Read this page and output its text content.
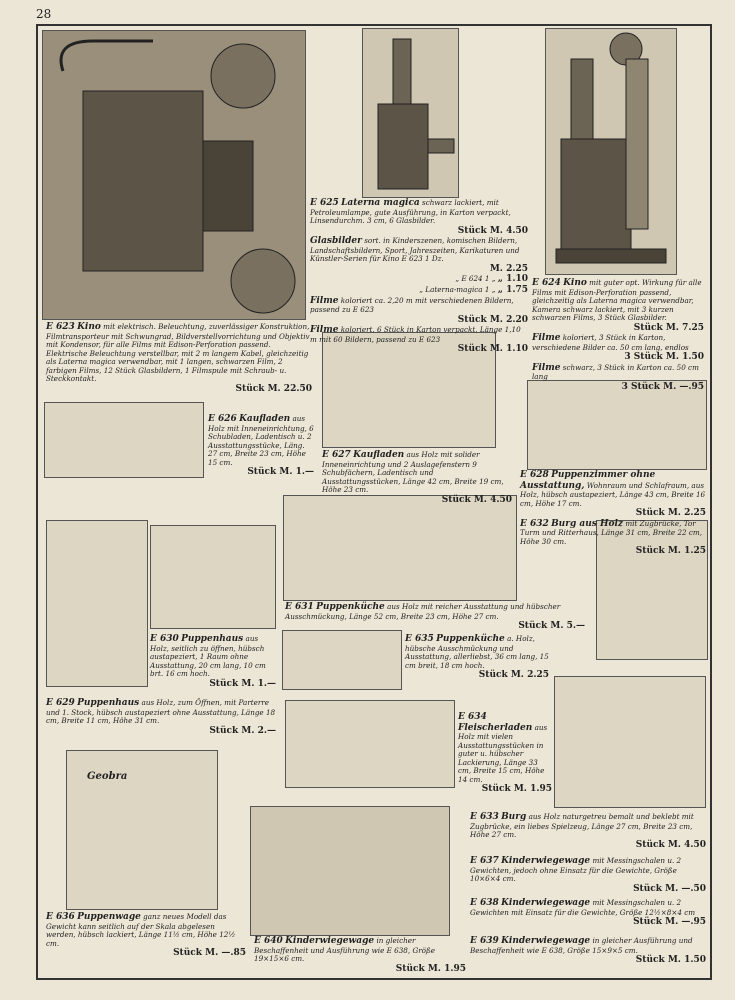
28
Geobra
E 623 Kino mit elektrisch. Beleuchtung, zuverlässiger Konstruktion, Filmtransporteur mit Schwungrad, Bildverstellvorrichtung und Objektiv mit Kondensor, für alle Films mit Edison-Perforation passend. Elektrische Beleuchtung verstellbar, mit 2 m langem Kabel, gleichzeitig als Laterna magica verwendbar, mit 1 langen, schwarzen Film, 2 farbigen Films, 12 Stück Glasbildern, 1 Filmspule mit Schraub- u. Steckkontakt.
Stück M. 22.50
E 625 Laterna magica schwarz lackiert, mit Petroleumlampe, gute Ausführung, in Karton verpackt, Linsendurchm. 3 cm, 6 Glasbilder.
Stück M. 4.50
Glasbilder sort. in Kinderszenen, komischen Bildern, Landschaftsbildern, Sport, Jahreszeiten, Karikaturen und Künstler-Serien für Kino E 623 1 Dz.
M. 2.25
„ E 624 1 „ „ 1.10
„ Laterna-magica 1 „ „ 1.75
Filme koloriert ca. 2,20 m mit verschiedenen Bildern, passend zu E 623
Stück M. 2.20
Filme koloriert, 6 Stück in Karton verpackt, Länge 1,10 m mit 60 Bildern, passend zu E 623
Stück M. 1.10
E 624 Kino mit guter opt. Wirkung für alle Films mit Edison-Perforation passend, gleichzeitig als Laterna magica verwendbar, Kamera schwarz lackiert, mit 3 kurzen schwarzen Films, 3 Stück Glasbilder.
Stück M. 7.25
Filme koloriert, 3 Stück in Karton, verschiedene Bilder ca. 50 cm lang, endlos
3 Stück M. 1.50
Filme schwarz, 3 Stück in Karton ca. 50 cm lang
3 Stück M. —.95
E 626 Kaufladen aus Holz mit Inneneinrichtung, 6 Schubladen, Ladentisch u. 2 Ausstattungsstücke, Läng. 27 cm, Breite 23 cm, Höhe 15 cm.
Stück M. 1.—
E 627 Kaufladen aus Holz mit solider Inneneinrichtung und 2 Auslagefenstern 9 Schubfächern, Ladentisch und Ausstattungsstücken, Länge 42 cm, Breite 19 cm, Höhe 23 cm.
Stück M. 4.50
E 628 Puppenzimmer ohne Ausstattung, Wohnraum und Schlafraum, aus Holz, hübsch austapeziert, Länge 43 cm, Breite 16 cm, Höhe 17 cm.
Stück M. 2.25
E 632 Burg aus Holz mit Zugbrücke, Tor Turm und Ritterhaus, Länge 31 cm, Breite 22 cm, Höhe 30 cm.
Stück M. 1.25
E 630 Puppenhaus aus Holz, seitlich zu öffnen, hübsch austapeziert, 1 Raum ohne Ausstattung, 20 cm lang, 10 cm brt. 16 cm hoch.
Stück M. 1.—
E 631 Puppenküche aus Holz mit reicher Ausstattung und hübscher Ausschmückung, Länge 52 cm, Breite 23 cm, Höhe 27 cm.
Stück M. 5.—
E 635 Puppenküche a. Holz, hübsche Ausschmückung und Ausstattung, allerliebst, 36 cm lang, 15 cm breit, 18 cm hoch.
Stück M. 2.25
E 629 Puppenhaus aus Holz, zum Öffnen, mit Parterre und 1. Stock, hübsch austapeziert ohne Ausstattung, Länge 18 cm, Breite 11 cm, Höhe 31 cm.
Stück M. 2.—
E 634 Fleischerladen aus Holz mit vielen Ausstattungsstücken in guter u. hübscher Lackierung, Länge 33 cm, Breite 15 cm, Höhe 14 cm.
Stück M. 1.95
E 633 Burg aus Holz naturgetreu bemalt und beklebt mit Zugbrücke, ein liebes Spielzeug, Länge 27 cm, Breite 23 cm, Höhe 27 cm.
Stück M. 4.50
E 637 Kinderwiegewage mit Messingschalen u. 2 Gewichten, jedoch ohne Einsatz für die Gewichte, Größe 10×6×4 cm.
Stück M. —.50
E 638 Kinderwiegewage mit Messingschalen u. 2 Gewichten mit Einsatz für die Gewichte, Größe 12½×8×4 cm
Stück M. —.95
E 639 Kinderwiegewage in gleicher Ausführung und Beschaffenheit wie E 638, Größe 15×9×5 cm.
Stück M. 1.50
E 636 Puppenwage ganz neues Modell das Gewicht kann seitlich auf der Skala abgelesen werden, hübsch lackiert, Länge 11½ cm, Höhe 12½ cm.
Stück M. —.85
E 640 Kinderwiegewage in gleicher Beschaffenheit und Ausführung wie E 638, Größe 19×15×6 cm.
Stück M. 1.95
